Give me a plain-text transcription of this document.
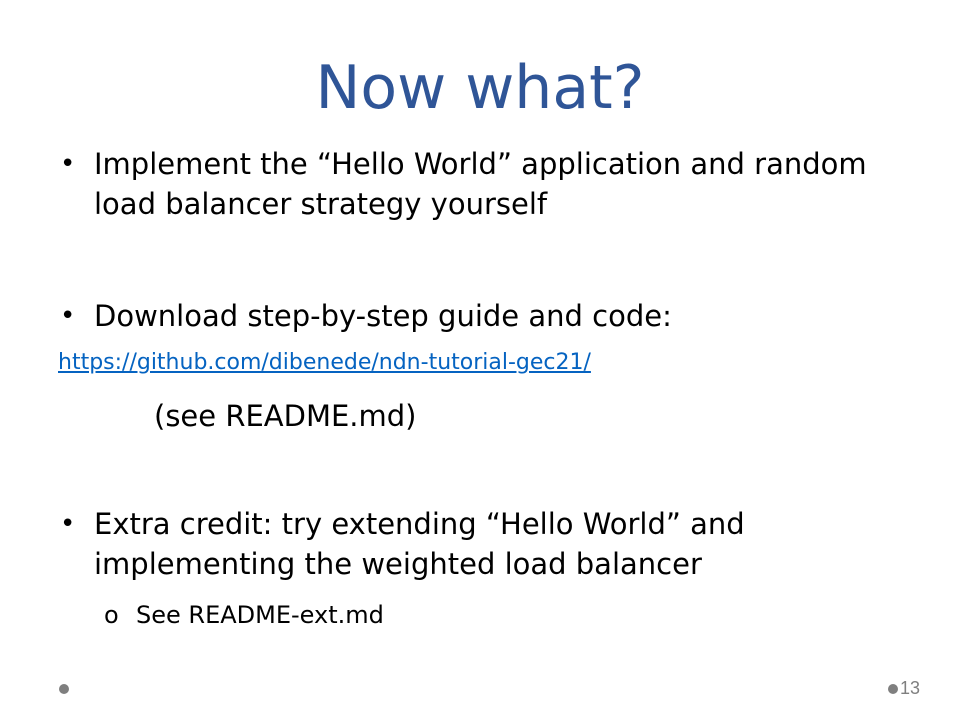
Now what?
• Implement the “Hello World” application and random load balancer strategy yourself
• Download step-by-step guide and code:
https://github.com/dibenede/ndn-tutorial-gec21/
(see README.md)
• Extra credit: try extending “Hello World” and implementing the weighted load balancer
o See README-ext.md
13
